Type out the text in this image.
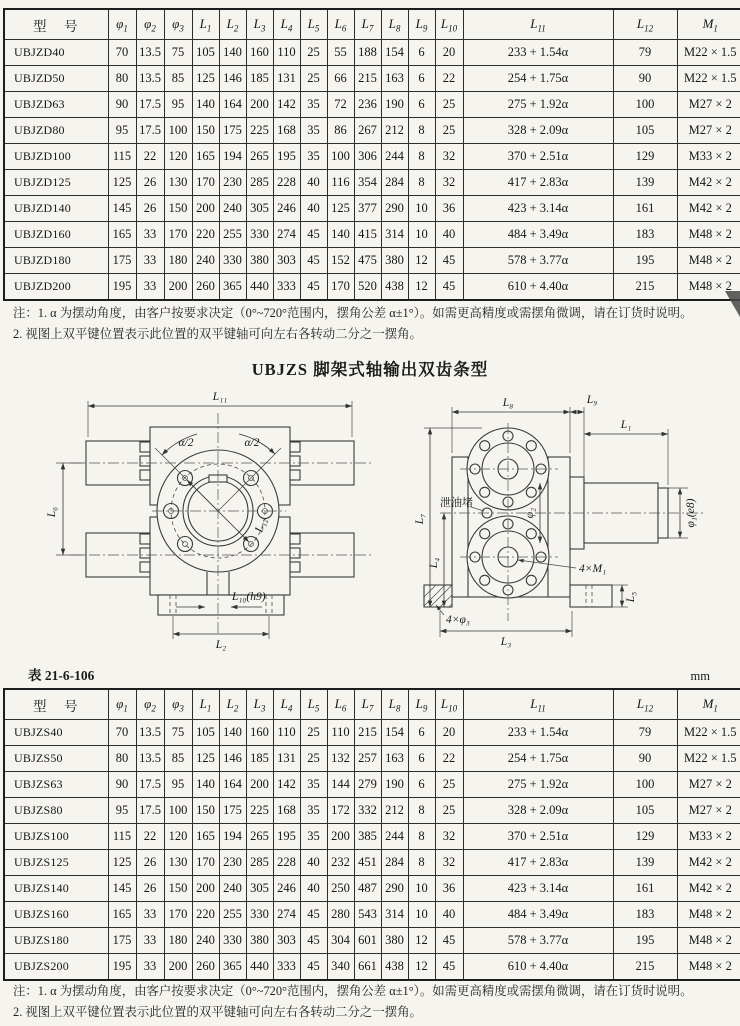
型　号	$\varphi_1$	$\varphi_2$	$\varphi_3$	$L_1$	$L_2$	$L_3$	$L_4$	$L_5$	$L_6$	$L_7$	$L_8$	$L_9$	$L_{10}$	$L_{11}$	$L_{12}$	$M_1$
UBJZD40	70	13.5	75	105	140	160	110	25	55	188	154	6	20	233 + 1.54α	79	M22 × 1.5
UBJZD50	80	13.5	85	125	146	185	131	25	66	215	163	6	22	254 + 1.75α	90	M22 × 1.5
UBJZD63	90	17.5	95	140	164	200	142	35	72	236	190	6	25	275 + 1.92α	100	M27 × 2
UBJZD80	95	17.5	100	150	175	225	168	35	86	267	212	8	25	328 + 2.09α	105	M27 × 2
UBJZD100	115	22	120	165	194	265	195	35	100	306	244	8	32	370 + 2.51α	129	M33 × 2
UBJZD125	125	26	130	170	230	285	228	40	116	354	284	8	32	417 + 2.83α	139	M42 × 2
UBJZD140	145	26	150	200	240	305	246	40	125	377	290	10	36	423 + 3.14α	161	M42 × 2
UBJZD160	165	33	170	220	255	330	274	45	140	415	314	10	40	484 + 3.49α	183	M48 × 2
UBJZD180	175	33	180	240	330	380	303	45	152	475	380	12	45	578 + 3.77α	195	M48 × 2
UBJZD200	195	33	200	260	365	440	333	45	170	520	438	12	45	610 + 4.40α	215	M48 × 2
注：1. α 为摆动角度，由客户按要求决定（0°~720°范围内，摆角公差 α±1°）。如需更高精度或需摆角微调，请在订货时说明。
2. 视图上双平键位置表示此位置的双平键轴可向左右各转动二分之一摆角。
UBJZS 脚架式轴输出双齿条型
α/2	α/2
L₁₁
L₆
L₁₂
L₁₀(h9)
L₂
泄油堵
L₈	L₉
L₁
L₇
L₄
φ₂	φ₁(e8)
4×M₁
4×φ₃
L₅
L₃
表 21-6-106	mm
型　号	$\varphi_1$	$\varphi_2$	$\varphi_3$	$L_1$	$L_2$	$L_3$	$L_4$	$L_5$	$L_6$	$L_7$	$L_8$	$L_9$	$L_{10}$	$L_{11}$	$L_{12}$	$M_1$
UBJZS40	70	13.5	75	105	140	160	110	25	110	215	154	6	20	233 + 1.54α	79	M22 × 1.5
UBJZS50	80	13.5	85	125	146	185	131	25	132	257	163	6	22	254 + 1.75α	90	M22 × 1.5
UBJZS63	90	17.5	95	140	164	200	142	35	144	279	190	6	25	275 + 1.92α	100	M27 × 2
UBJZS80	95	17.5	100	150	175	225	168	35	172	332	212	8	25	328 + 2.09α	105	M27 × 2
UBJZS100	115	22	120	165	194	265	195	35	200	385	244	8	32	370 + 2.51α	129	M33 × 2
UBJZS125	125	26	130	170	230	285	228	40	232	451	284	8	32	417 + 2.83α	139	M42 × 2
UBJZS140	145	26	150	200	240	305	246	40	250	487	290	10	36	423 + 3.14α	161	M42 × 2
UBJZS160	165	33	170	220	255	330	274	45	280	543	314	10	40	484 + 3.49α	183	M48 × 2
UBJZS180	175	33	180	240	330	380	303	45	304	601	380	12	45	578 + 3.77α	195	M48 × 2
UBJZS200	195	33	200	260	365	440	333	45	340	661	438	12	45	610 + 4.40α	215	M48 × 2
注：1. α 为摆动角度，由客户按要求决定（0°~720°范围内，摆角公差 α±1°）。如需更高精度或需摆角微调，请在订货时说明。
2. 视图上双平键位置表示此位置的双平键轴可向左右各转动二分之一摆角。
